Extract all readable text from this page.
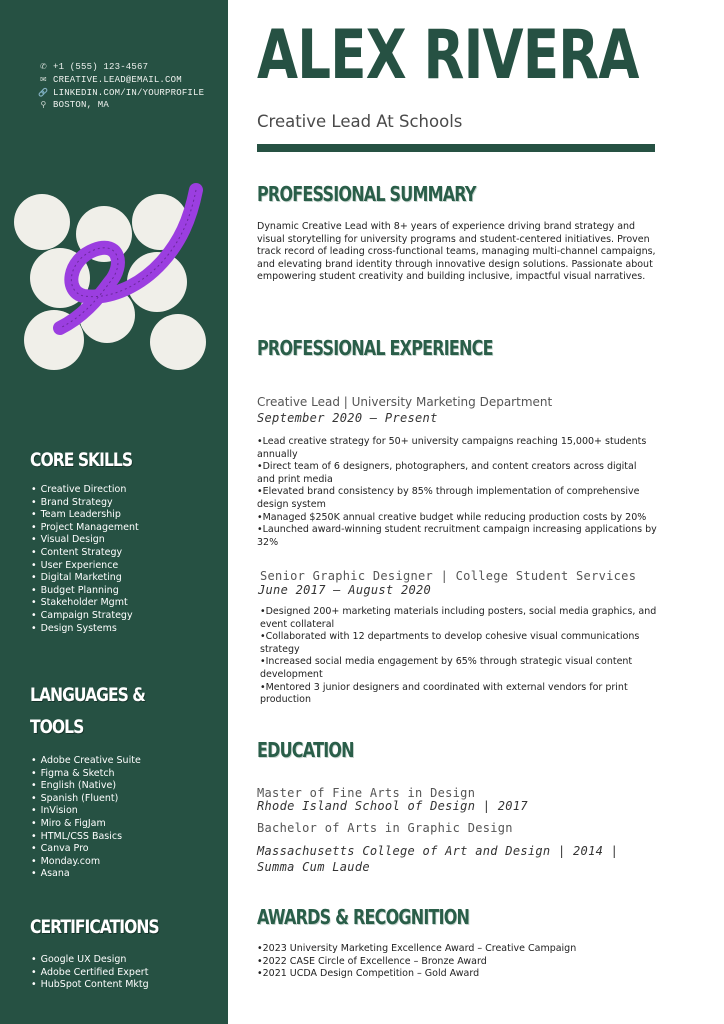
✆ +1 (555) 123-4567
✉ CREATIVE.LEAD@EMAIL.COM
🔗 LINKEDIN.COM/IN/YOURPROFILE
⚲ BOSTON, MA
CORE SKILLS
• Creative Direction
• Brand Strategy
• Team Leadership
• Project Management
• Visual Design
• Content Strategy
• User Experience
• Digital Marketing
• Budget Planning
• Stakeholder Mgmt
• Campaign Strategy
• Design Systems
LANGUAGES &
TOOLS
• Adobe Creative Suite
• Figma & Sketch
• English (Native)
• Spanish (Fluent)
• InVision
• Miro & FigJam
• HTML/CSS Basics
• Canva Pro
• Monday.com
• Asana
CERTIFICATIONS
• Google UX Design
• Adobe Certified Expert
• HubSpot Content Mktg
ALEX RIVERA
Creative Lead At Schools
PROFESSIONAL SUMMARY

Dynamic Creative Lead with 8+ years of experience driving brand strategy and visual storytelling for university programs and student-centered initiatives. Proven track record of leading cross-functional teams, managing multi-channel campaigns, and elevating brand identity through innovative design solutions. Passionate about empowering student creativity and building inclusive, impactful visual narratives.

PROFESSIONAL EXPERIENCE
Creative Lead | University Marketing Department
September 2020 – Present
• Lead creative strategy for 50+ university campaigns reaching 15,000+ students annually
• Direct team of 6 designers, photographers, and content creators across digital and print media
• Elevated brand consistency by 85% through implementation of comprehensive design system
• Managed $250K annual creative budget while reducing production costs by 20%
• Launched award-winning student recruitment campaign increasing applications by 32%
Senior Graphic Designer | College Student Services
June 2017 – August 2020
• Designed 200+ marketing materials including posters, social media graphics, and event collateral
• Collaborated with 12 departments to develop cohesive visual communications strategy
• Increased social media engagement by 65% through strategic visual content development
• Mentored 3 junior designers and coordinated with external vendors for print production
EDUCATION
Master of Fine Arts in Design
Rhode Island School of Design | 2017
Bachelor of Arts in Graphic Design
Massachusetts College of Art and Design | 2014 | Summa Cum Laude
AWARDS & RECOGNITION
• 2023 University Marketing Excellence Award – Creative Campaign
• 2022 CASE Circle of Excellence – Bronze Award
• 2021 UCDA Design Competition – Gold Award
